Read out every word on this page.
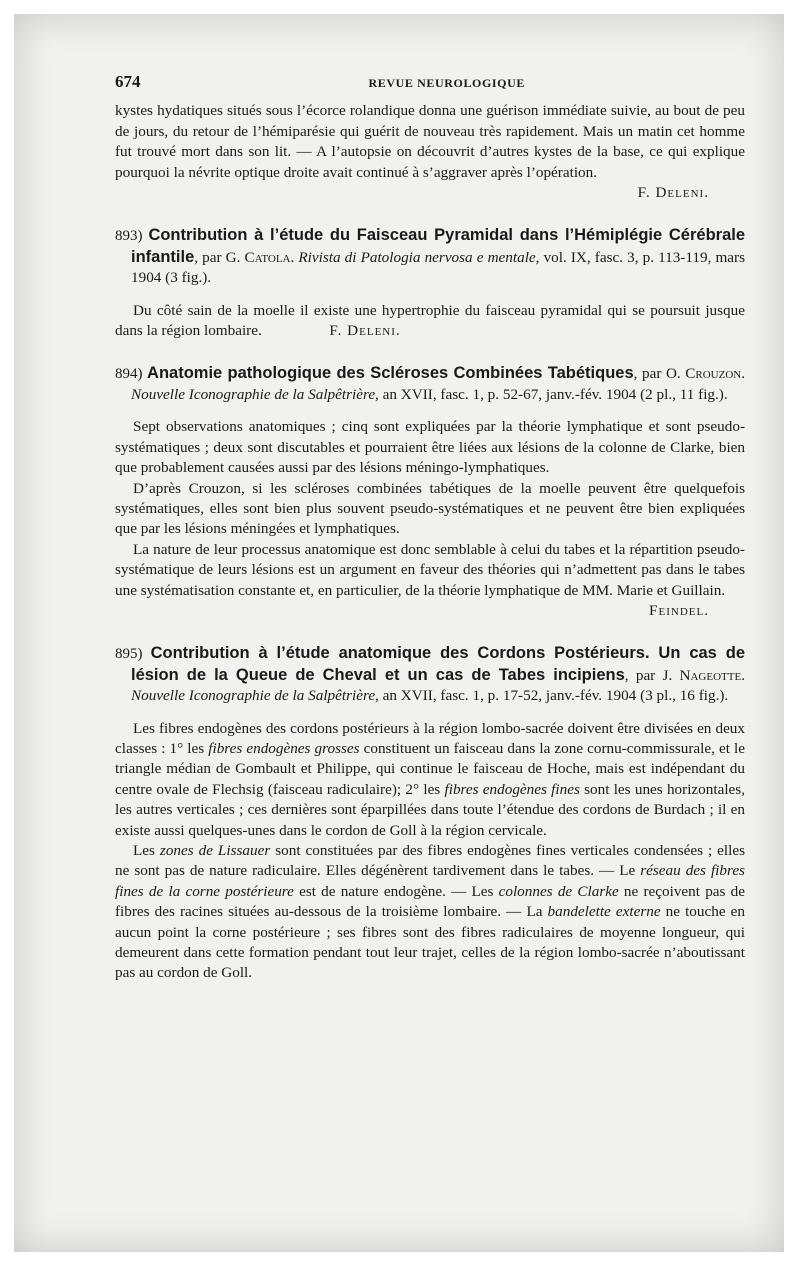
674	REVUE NEUROLOGIQUE

kystes hydatiques situés sous l’écorce rolandique donna une guérison immédiate suivie, au bout de peu de jours, du retour de l’hémiparésie qui guérit de nouveau très rapidement. Mais un matin cet homme fut trouvé mort dans son lit. — A l’autopsie on découvrit d’autres kystes de la base, ce qui explique pourquoi la névrite optique droite avait continué à s’aggraver après l’opération.

F. Deleni.

893) Contribution à l’étude du Faisceau Pyramidal dans l’Hémiplégie Cérébrale infantile, par G. Catola. Rivista di Patologia nervosa e mentale, vol. IX, fasc. 3, p. 113-119, mars 1904 (3 fig.).

Du côté sain de la moelle il existe une hypertrophie du faisceau pyramidal qui se poursuit jusque dans la région lombaire.	F. Deleni.

894) Anatomie pathologique des Scléroses Combinées Tabétiques, par O. Crouzon. Nouvelle Iconographie de la Salpêtrière, an XVII, fasc. 1, p. 52-67, janv.-fév. 1904 (2 pl., 11 fig.).

Sept observations anatomiques ; cinq sont expliquées par la théorie lymphatique et sont pseudo-systématiques ; deux sont discutables et pourraient être liées aux lésions de la colonne de Clarke, bien que probablement causées aussi par des lésions méningo-lymphatiques.

D’après Crouzon, si les scléroses combinées tabétiques de la moelle peuvent être quelquefois systématiques, elles sont bien plus souvent pseudo-systématiques et ne peuvent être bien expliquées que par les lésions méningées et lymphatiques.

La nature de leur processus anatomique est donc semblable à celui du tabes et la répartition pseudo-systématique de leurs lésions est un argument en faveur des théories qui n’admettent pas dans le tabes une systématisation constante et, en particulier, de la théorie lymphatique de MM. Marie et Guillain.

Feindel.

895) Contribution à l’étude anatomique des Cordons Postérieurs. Un cas de lésion de la Queue de Cheval et un cas de Tabes incipiens, par J. Nageotte. Nouvelle Iconographie de la Salpêtrière, an XVII, fasc. 1, p. 17-52, janv.-fév. 1904 (3 pl., 16 fig.).

Les fibres endogènes des cordons postérieurs à la région lombo-sacrée doivent être divisées en deux classes : 1° les fibres endogènes grosses constituent un faisceau dans la zone cornu-commissurale, et le triangle médian de Gombault et Philippe, qui continue le faisceau de Hoche, mais est indépendant du centre ovale de Flechsig (faisceau radiculaire); 2° les fibres endogènes fines sont les unes horizontales, les autres verticales ; ces dernières sont éparpillées dans toute l’étendue des cordons de Burdach ; il en existe aussi quelques-unes dans le cordon de Goll à la région cervicale.

Les zones de Lissauer sont constituées par des fibres endogènes fines verticales condensées ; elles ne sont pas de nature radiculaire. Elles dégénèrent tardivement dans le tabes. — Le réseau des fibres fines de la corne postérieure est de nature endogène. — Les colonnes de Clarke ne reçoivent pas de fibres des racines situées au-dessous de la troisième lombaire. — La bandelette externe ne touche en aucun point la corne postérieure ; ses fibres sont des fibres radiculaires de moyenne longueur, qui demeurent dans cette formation pendant tout leur trajet, celles de la région lombo-sacrée n’aboutissant pas au cordon de Goll.
